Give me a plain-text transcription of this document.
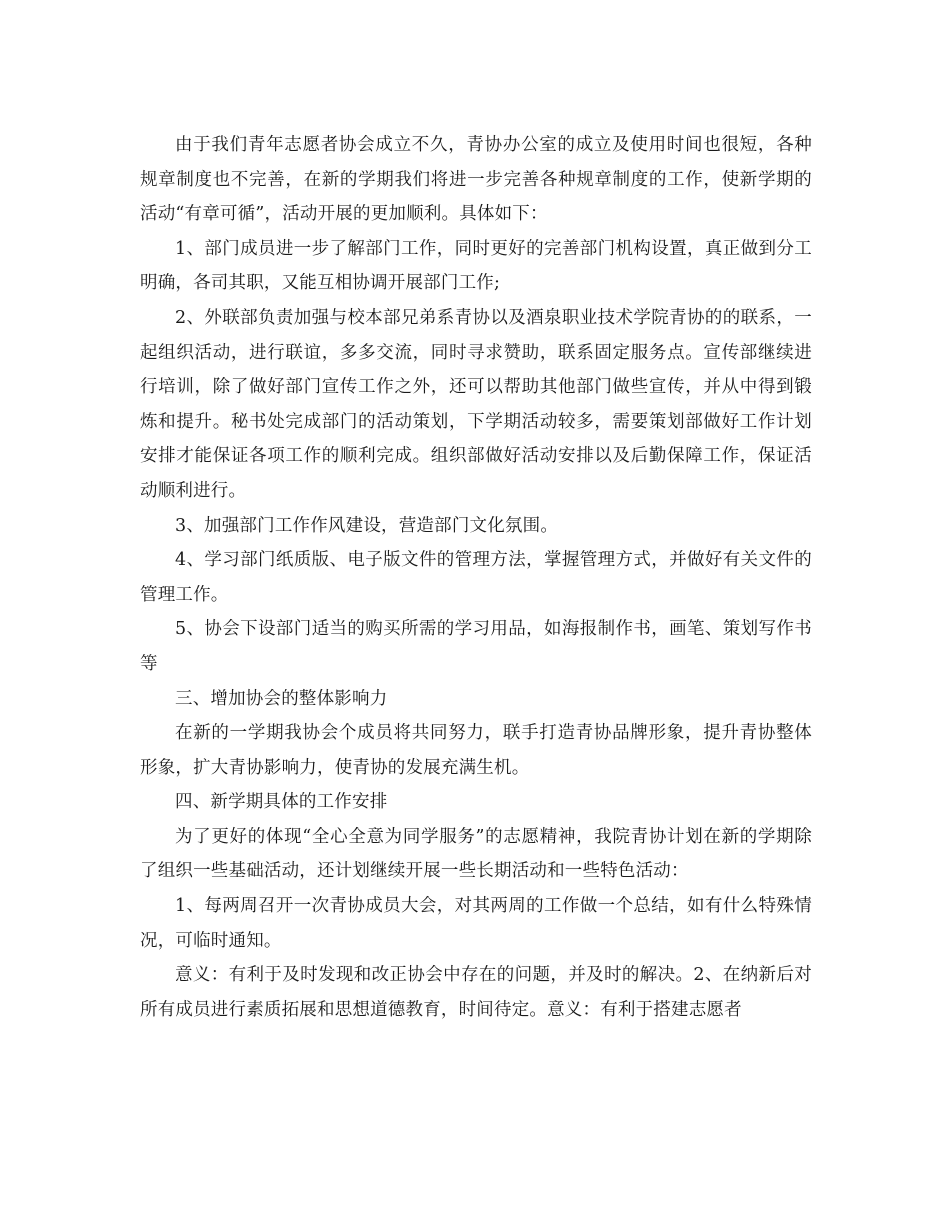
由于我们青年志愿者协会成立不久，青协办公室的成立及使用时间也很短，各种规章制度也不完善，在新的学期我们将进一步完善各种规章制度的工作，使新学期的活动“有章可循”，活动开展的更加顺利。具体如下：

1、部门成员进一步了解部门工作，同时更好的完善部门机构设置，真正做到分工明确，各司其职，又能互相协调开展部门工作;

2、外联部负责加强与校本部兄弟系青协以及酒泉职业技术学院青协的的联系，一起组织活动，进行联谊，多多交流，同时寻求赞助，联系固定服务点。宣传部继续进行培训，除了做好部门宣传工作之外，还可以帮助其他部门做些宣传，并从中得到锻炼和提升。秘书处完成部门的活动策划，下学期活动较多，需要策划部做好工作计划安排才能保证各项工作的顺利完成。组织部做好活动安排以及后勤保障工作，保证活动顺利进行。

3、加强部门工作作风建设，营造部门文化氛围。

4、学习部门纸质版、电子版文件的管理方法，掌握管理方式，并做好有关文件的管理工作。

5、协会下设部门适当的购买所需的学习用品，如海报制作书，画笔、策划写作书等

三、增加协会的整体影响力

在新的一学期我协会个成员将共同努力，联手打造青协品牌形象，提升青协整体形象，扩大青协影响力，使青协的发展充满生机。

四、新学期具体的工作安排

为了更好的体现“全心全意为同学服务”的志愿精神，我院青协计划在新的学期除了组织一些基础活动，还计划继续开展一些长期活动和一些特色活动：

1、每两周召开一次青协成员大会，对其两周的工作做一个总结，如有什么特殊情况，可临时通知。

意义：有利于及时发现和改正协会中存在的问题，并及时的解决。2、在纳新后对所有成员进行素质拓展和思想道德教育，时间待定。意义：有利于搭建志愿者
